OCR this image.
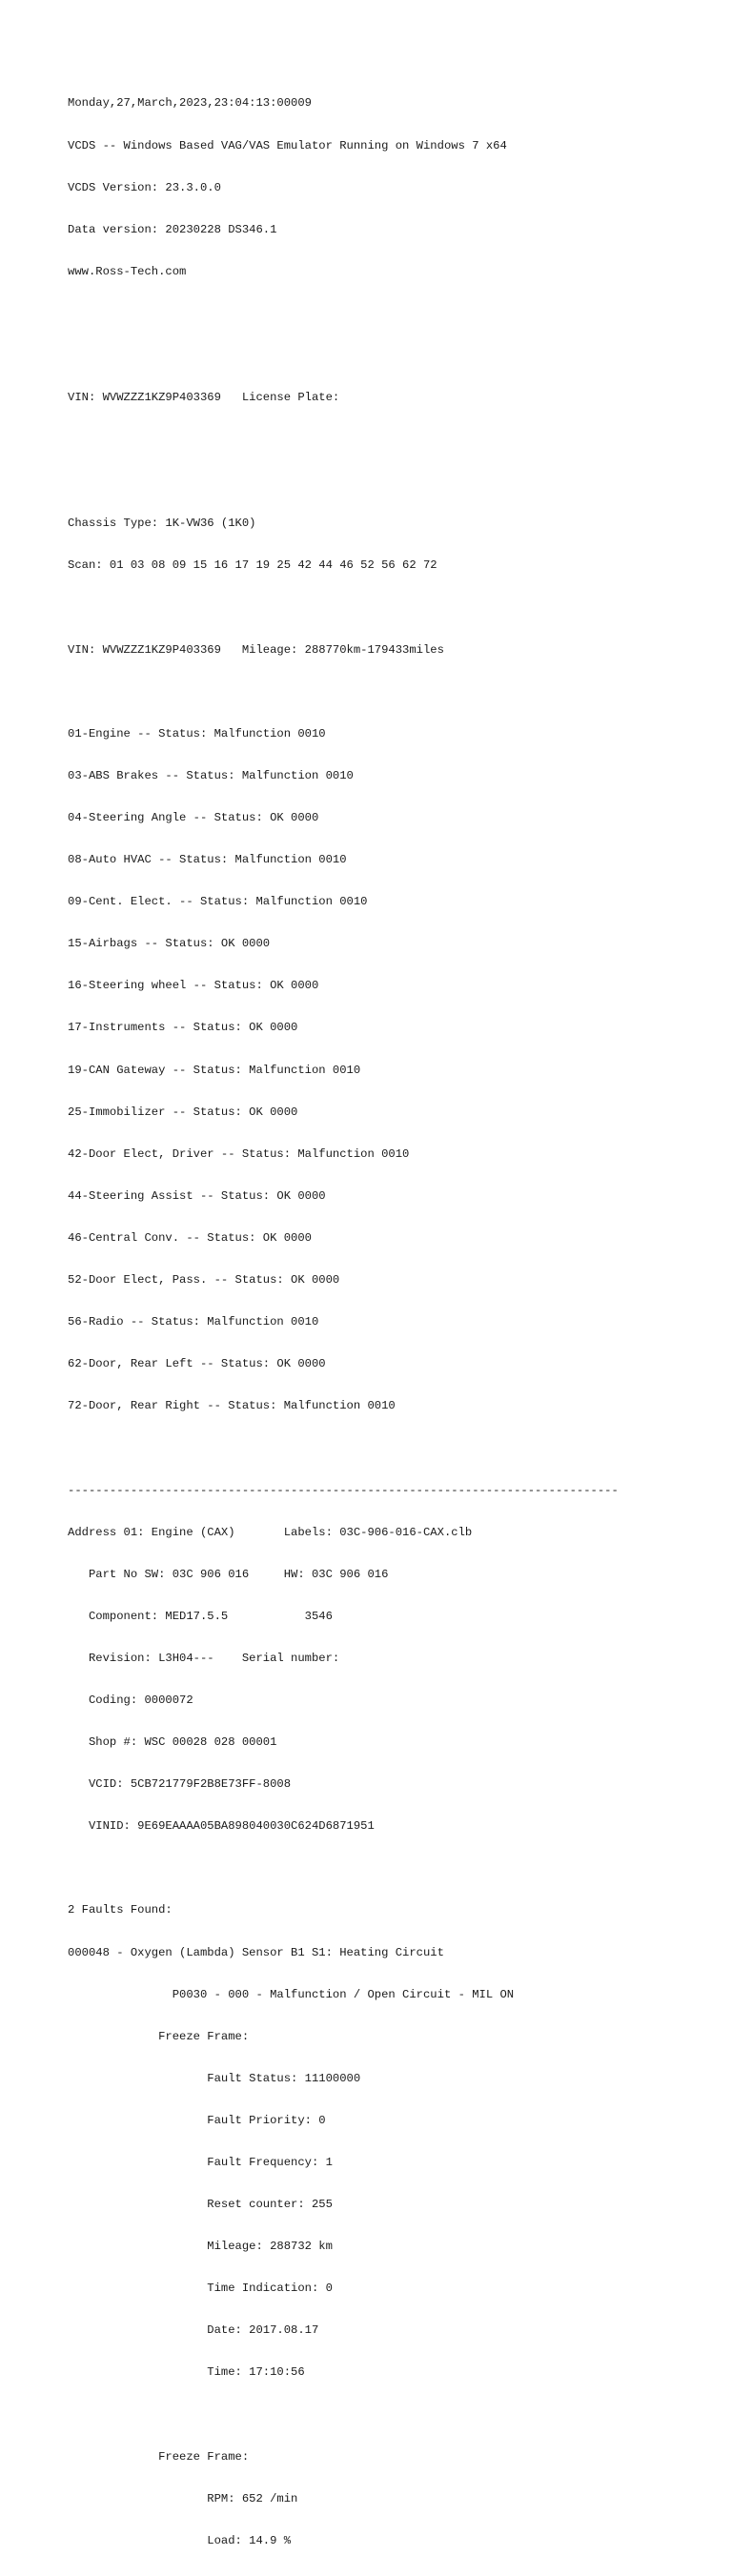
Monday,27,March,2023,23:04:13:00009

VCDS -- Windows Based VAG/VAS Emulator Running on Windows 7 x64

VCDS Version: 23.3.0.0

Data version: 20230228 DS346.1

www.Ross-Tech.com

VIN: WVWZZZ1KZ9P403369   License Plate:

Chassis Type: 1K-VW36 (1K0)

Scan: 01 03 08 09 15 16 17 19 25 42 44 46 52 56 62 72

VIN: WVWZZZ1KZ9P403369   Mileage: 288770km-179433miles

01-Engine -- Status: Malfunction 0010

03-ABS Brakes -- Status: Malfunction 0010

04-Steering Angle -- Status: OK 0000

08-Auto HVAC -- Status: Malfunction 0010

09-Cent. Elect. -- Status: Malfunction 0010

15-Airbags -- Status: OK 0000

16-Steering wheel -- Status: OK 0000

17-Instruments -- Status: OK 0000

19-CAN Gateway -- Status: Malfunction 0010

25-Immobilizer -- Status: OK 0000

42-Door Elect, Driver -- Status: Malfunction 0010

44-Steering Assist -- Status: OK 0000

46-Central Conv. -- Status: OK 0000

52-Door Elect, Pass. -- Status: OK 0000

56-Radio -- Status: Malfunction 0010

62-Door, Rear Left -- Status: OK 0000

72-Door, Rear Right -- Status: Malfunction 0010

-------------------------------------------------------------------------------

Address 01: Engine (CAX)       Labels: 03C-906-016-CAX.clb

Part No SW: 03C 906 016     HW: 03C 906 016

Component: MED17.5.5           3546

Revision: L3H04---    Serial number:

Coding: 0000072

Shop #: WSC 00028 028 00001

VCID: 5CB721779F2B8E73FF-8008

VINID: 9E69EAAAA05BA898040030C624D6871951

2 Faults Found:

000048 - Oxygen (Lambda) Sensor B1 S1: Heating Circuit

P0030 - 000 - Malfunction / Open Circuit - MIL ON

Freeze Frame:

Fault Status: 11100000

Fault Priority: 0

Fault Frequency: 1

Reset counter: 255

Mileage: 288732 km

Time Indication: 0

Date: 2017.08.17

Time: 17:10:56

Freeze Frame:

RPM: 652 /min

Load: 14.9 %
